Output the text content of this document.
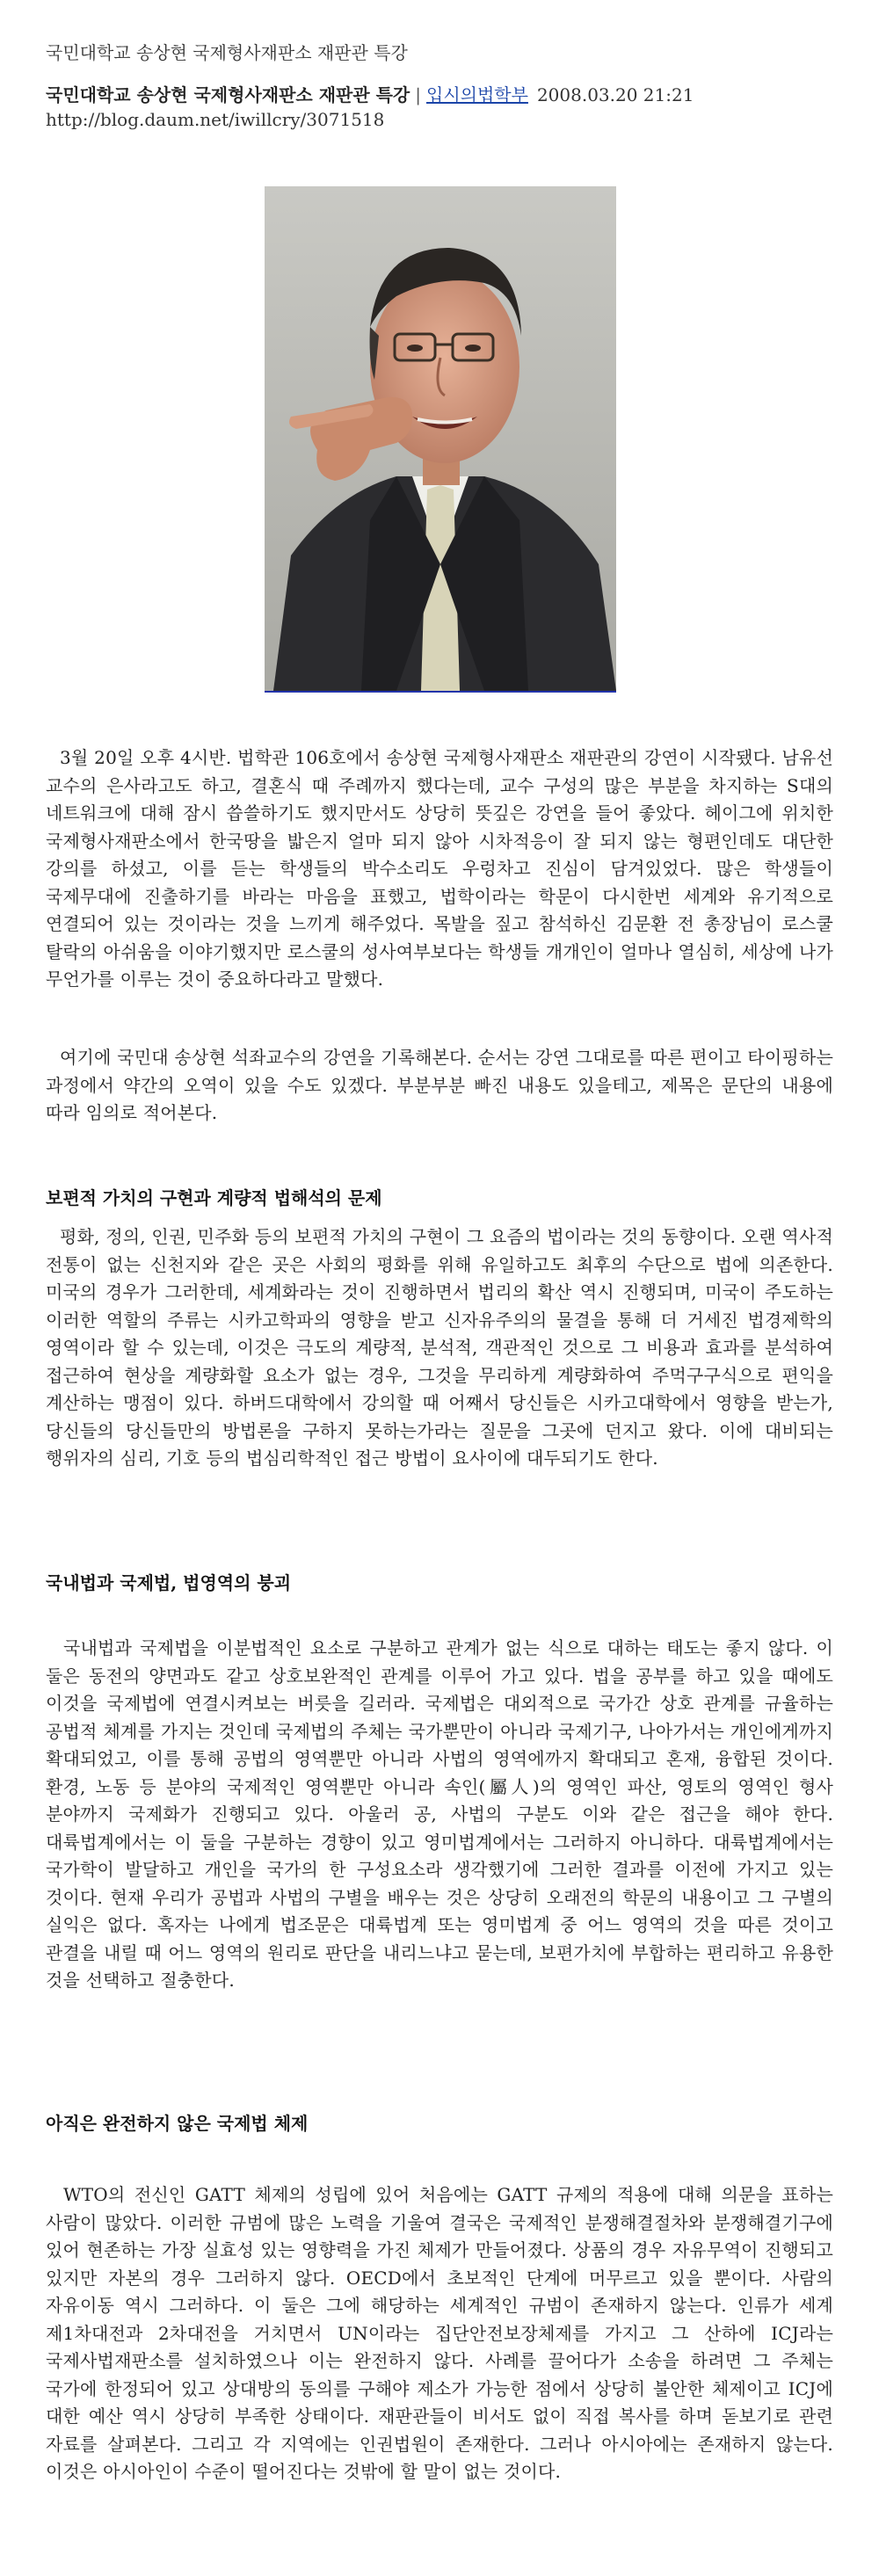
국민대학교 송상현 국제형사재판소 재판관 특강
국민대학교 송상현 국제형사재판소 재판관 특강 | 입시의법학부 2008.03.20 21:21
http://blog.daum.net/iwillcry/3071518

3월 20일 오후 4시반. 법학관 106호에서 송상현 국제형사재판소 재판관의 강연이 시작됐다. 남유선 교수의 은사라고도 하고, 결혼식 때 주례까지 했다는데, 교수 구성의 많은 부분을 차지하는 S대의 네트워크에 대해 잠시 씁쓸하기도 했지만서도 상당히 뜻깊은 강연을 들어 좋았다. 헤이그에 위치한 국제형사재판소에서 한국땅을 밟은지 얼마 되지 않아 시차적응이 잘 되지 않는 형편인데도 대단한 강의를 하셨고, 이를 듣는 학생들의 박수소리도 우렁차고 진심이 담겨있었다. 많은 학생들이 국제무대에 진출하기를 바라는 마음을 표했고, 법학이라는 학문이 다시한번 세계와 유기적으로 연결되어 있는 것이라는 것을 느끼게 해주었다. 목발을 짚고 참석하신 김문환 전 총장님이 로스쿨 탈락의 아쉬움을 이야기했지만 로스쿨의 성사여부보다는 학생들 개개인이 얼마나 열심히, 세상에 나가 무언가를 이루는 것이 중요하다라고 말했다.

여기에 국민대 송상현 석좌교수의 강연을 기록해본다. 순서는 강연 그대로를 따른 편이고 타이핑하는 과정에서 약간의 오역이 있을 수도 있겠다. 부분부분 빠진 내용도 있을테고, 제목은 문단의 내용에 따라 임의로 적어본다.

보편적 가치의 구현과 계량적 법해석의 문제

평화, 정의, 인권, 민주화 등의 보편적 가치의 구현이 그 요즘의 법이라는 것의 동향이다. 오랜 역사적 전통이 없는 신천지와 같은 곳은 사회의 평화를 위해 유일하고도 최후의 수단으로 법에 의존한다. 미국의 경우가 그러한데, 세계화라는 것이 진행하면서 법리의 확산 역시 진행되며, 미국이 주도하는 이러한 역할의 주류는 시카고학파의 영향을 받고 신자유주의의 물결을 통해 더 거세진 법경제학의 영역이라 할 수 있는데, 이것은 극도의 계량적, 분석적, 객관적인 것으로 그 비용과 효과를 분석하여 접근하여 현상을 계량화할 요소가 없는 경우, 그것을 무리하게 계량화하여 주먹구구식으로 편익을 계산하는 맹점이 있다. 하버드대학에서 강의할 때 어째서 당신들은 시카고대학에서 영향을 받는가, 당신들의 당신들만의 방법론을 구하지 못하는가라는 질문을 그곳에 던지고 왔다. 이에 대비되는 행위자의 심리, 기호 등의 법심리학적인 접근 방법이 요사이에 대두되기도 한다.

국내법과 국제법, 법영역의 붕괴

국내법과 국제법을 이분법적인 요소로 구분하고 관계가 없는 식으로 대하는 태도는 좋지 않다. 이 둘은 동전의 양면과도 같고 상호보완적인 관계를 이루어 가고 있다. 법을 공부를 하고 있을 때에도 이것을 국제법에 연결시켜보는 버릇을 길러라. 국제법은 대외적으로 국가간 상호 관계를 규율하는 공법적 체계를 가지는 것인데 국제법의 주체는 국가뿐만이 아니라 국제기구, 나아가서는 개인에게까지 확대되었고, 이를 통해 공법의 영역뿐만 아니라 사법의 영역에까지 확대되고 혼재, 융합된 것이다. 환경, 노동 등 분야의 국제적인 영역뿐만 아니라 속인(屬人)의 영역인 파산, 영토의 영역인 형사 분야까지 국제화가 진행되고 있다. 아울러 공, 사법의 구분도 이와 같은 접근을 해야 한다. 대륙법계에서는 이 둘을 구분하는 경향이 있고 영미법계에서는 그러하지 아니하다. 대륙법계에서는 국가학이 발달하고 개인을 국가의 한 구성요소라 생각했기에 그러한 결과를 이전에 가지고 있는 것이다. 현재 우리가 공법과 사법의 구별을 배우는 것은 상당히 오래전의 학문의 내용이고 그 구별의 실익은 없다. 혹자는 나에게 법조문은 대륙법계 또는 영미법계 중 어느 영역의 것을 따른 것이고 관결을 내릴 때 어느 영역의 원리로 판단을 내리느냐고 묻는데, 보편가치에 부합하는 편리하고 유용한 것을 선택하고 절충한다.

아직은 완전하지 않은 국제법 체제

WTO의 전신인 GATT 체제의 성립에 있어 처음에는 GATT 규제의 적용에 대해 의문을 표하는 사람이 많았다. 이러한 규범에 많은 노력을 기울여 결국은 국제적인 분쟁해결절차와 분쟁해결기구에 있어 현존하는 가장 실효성 있는 영향력을 가진 체제가 만들어졌다. 상품의 경우 자유무역이 진행되고 있지만 자본의 경우 그러하지 않다. OECD에서 초보적인 단계에 머무르고 있을 뿐이다. 사람의 자유이동 역시 그러하다. 이 둘은 그에 해당하는 세계적인 규범이 존재하지 않는다. 인류가 세계 제1차대전과 2차대전을 거치면서 UN이라는 집단안전보장체제를 가지고 그 산하에 ICJ라는 국제사법재판소를 설치하였으나 이는 완전하지 않다. 사례를 끌어다가 소송을 하려면 그 주체는 국가에 한정되어 있고 상대방의 동의를 구해야 제소가 가능한 점에서 상당히 불안한 체제이고 ICJ에 대한 예산 역시 상당히 부족한 상태이다. 재판관들이 비서도 없이 직접 복사를 하며 돋보기로 관련 자료를 살펴본다. 그리고 각 지역에는 인권법원이 존재한다. 그러나 아시아에는 존재하지 않는다. 이것은 아시아인이 수준이 떨어진다는 것밖에 할 말이 없는 것이다.
